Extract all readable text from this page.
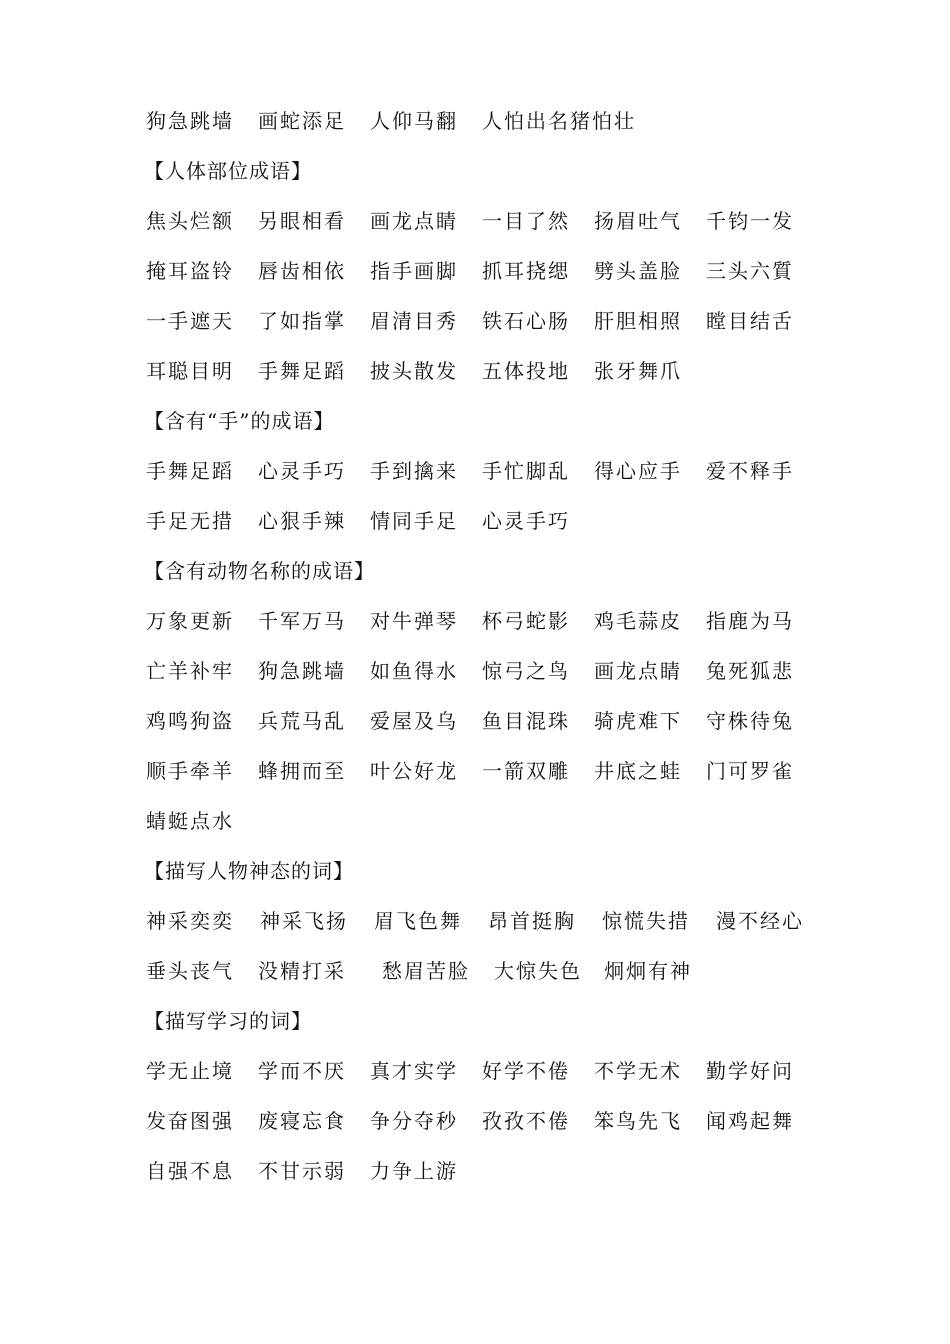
狗急跳墙 画蛇添足 人仰马翻 人怕出名猪怕壮
【人体部位成语】
焦头烂额 另眼相看 画龙点睛 一目了然 扬眉吐气 千钧一发
掩耳盗铃 唇齿相依 指手画脚 抓耳挠缌 劈头盖脸 三头六質
一手遮天 了如指掌 眉清目秀 铁石心肠 肝胆相照 瞠目结舌
耳聪目明 手舞足蹈 披头散发 五体投地 张牙舞爪
【含有“手”的成语】
手舞足蹈 心灵手巧 手到擒来 手忙脚乱 得心应手 爱不释手
手足无措 心狠手辣 情同手足 心灵手巧
【含有动物名称的成语】
万象更新 千军万马 对牛弹琴 杯弓蛇影 鸡毛蒜皮 指鹿为马
亡羊补牢 狗急跳墙 如鱼得水 惊弓之鸟 画龙点睛 兔死狐悲
鸡鸣狗盗 兵荒马乱 爱屋及乌 鱼目混珠 骑虎难下 守株待兔
顺手牵羊 蜂拥而至 叶公好龙 一箭双雕 井底之蛙 门可罗雀
蜻蜓点水
【描写人物神态的词】
神采奕奕 神采飞扬 眉飞色舞 昂首挺胸 惊慌失措 漫不经心
垂头丧气 没精打采 愁眉苦脸 大惊失色 炯炯有神
【描写学习的词】
学无止境 学而不厌 真才实学 好学不倦 不学无术 勤学好问
发奋图强 废寝忘食 争分夺秒 孜孜不倦 笨鸟先飞 闻鸡起舞
自强不息 不甘示弱 力争上游
